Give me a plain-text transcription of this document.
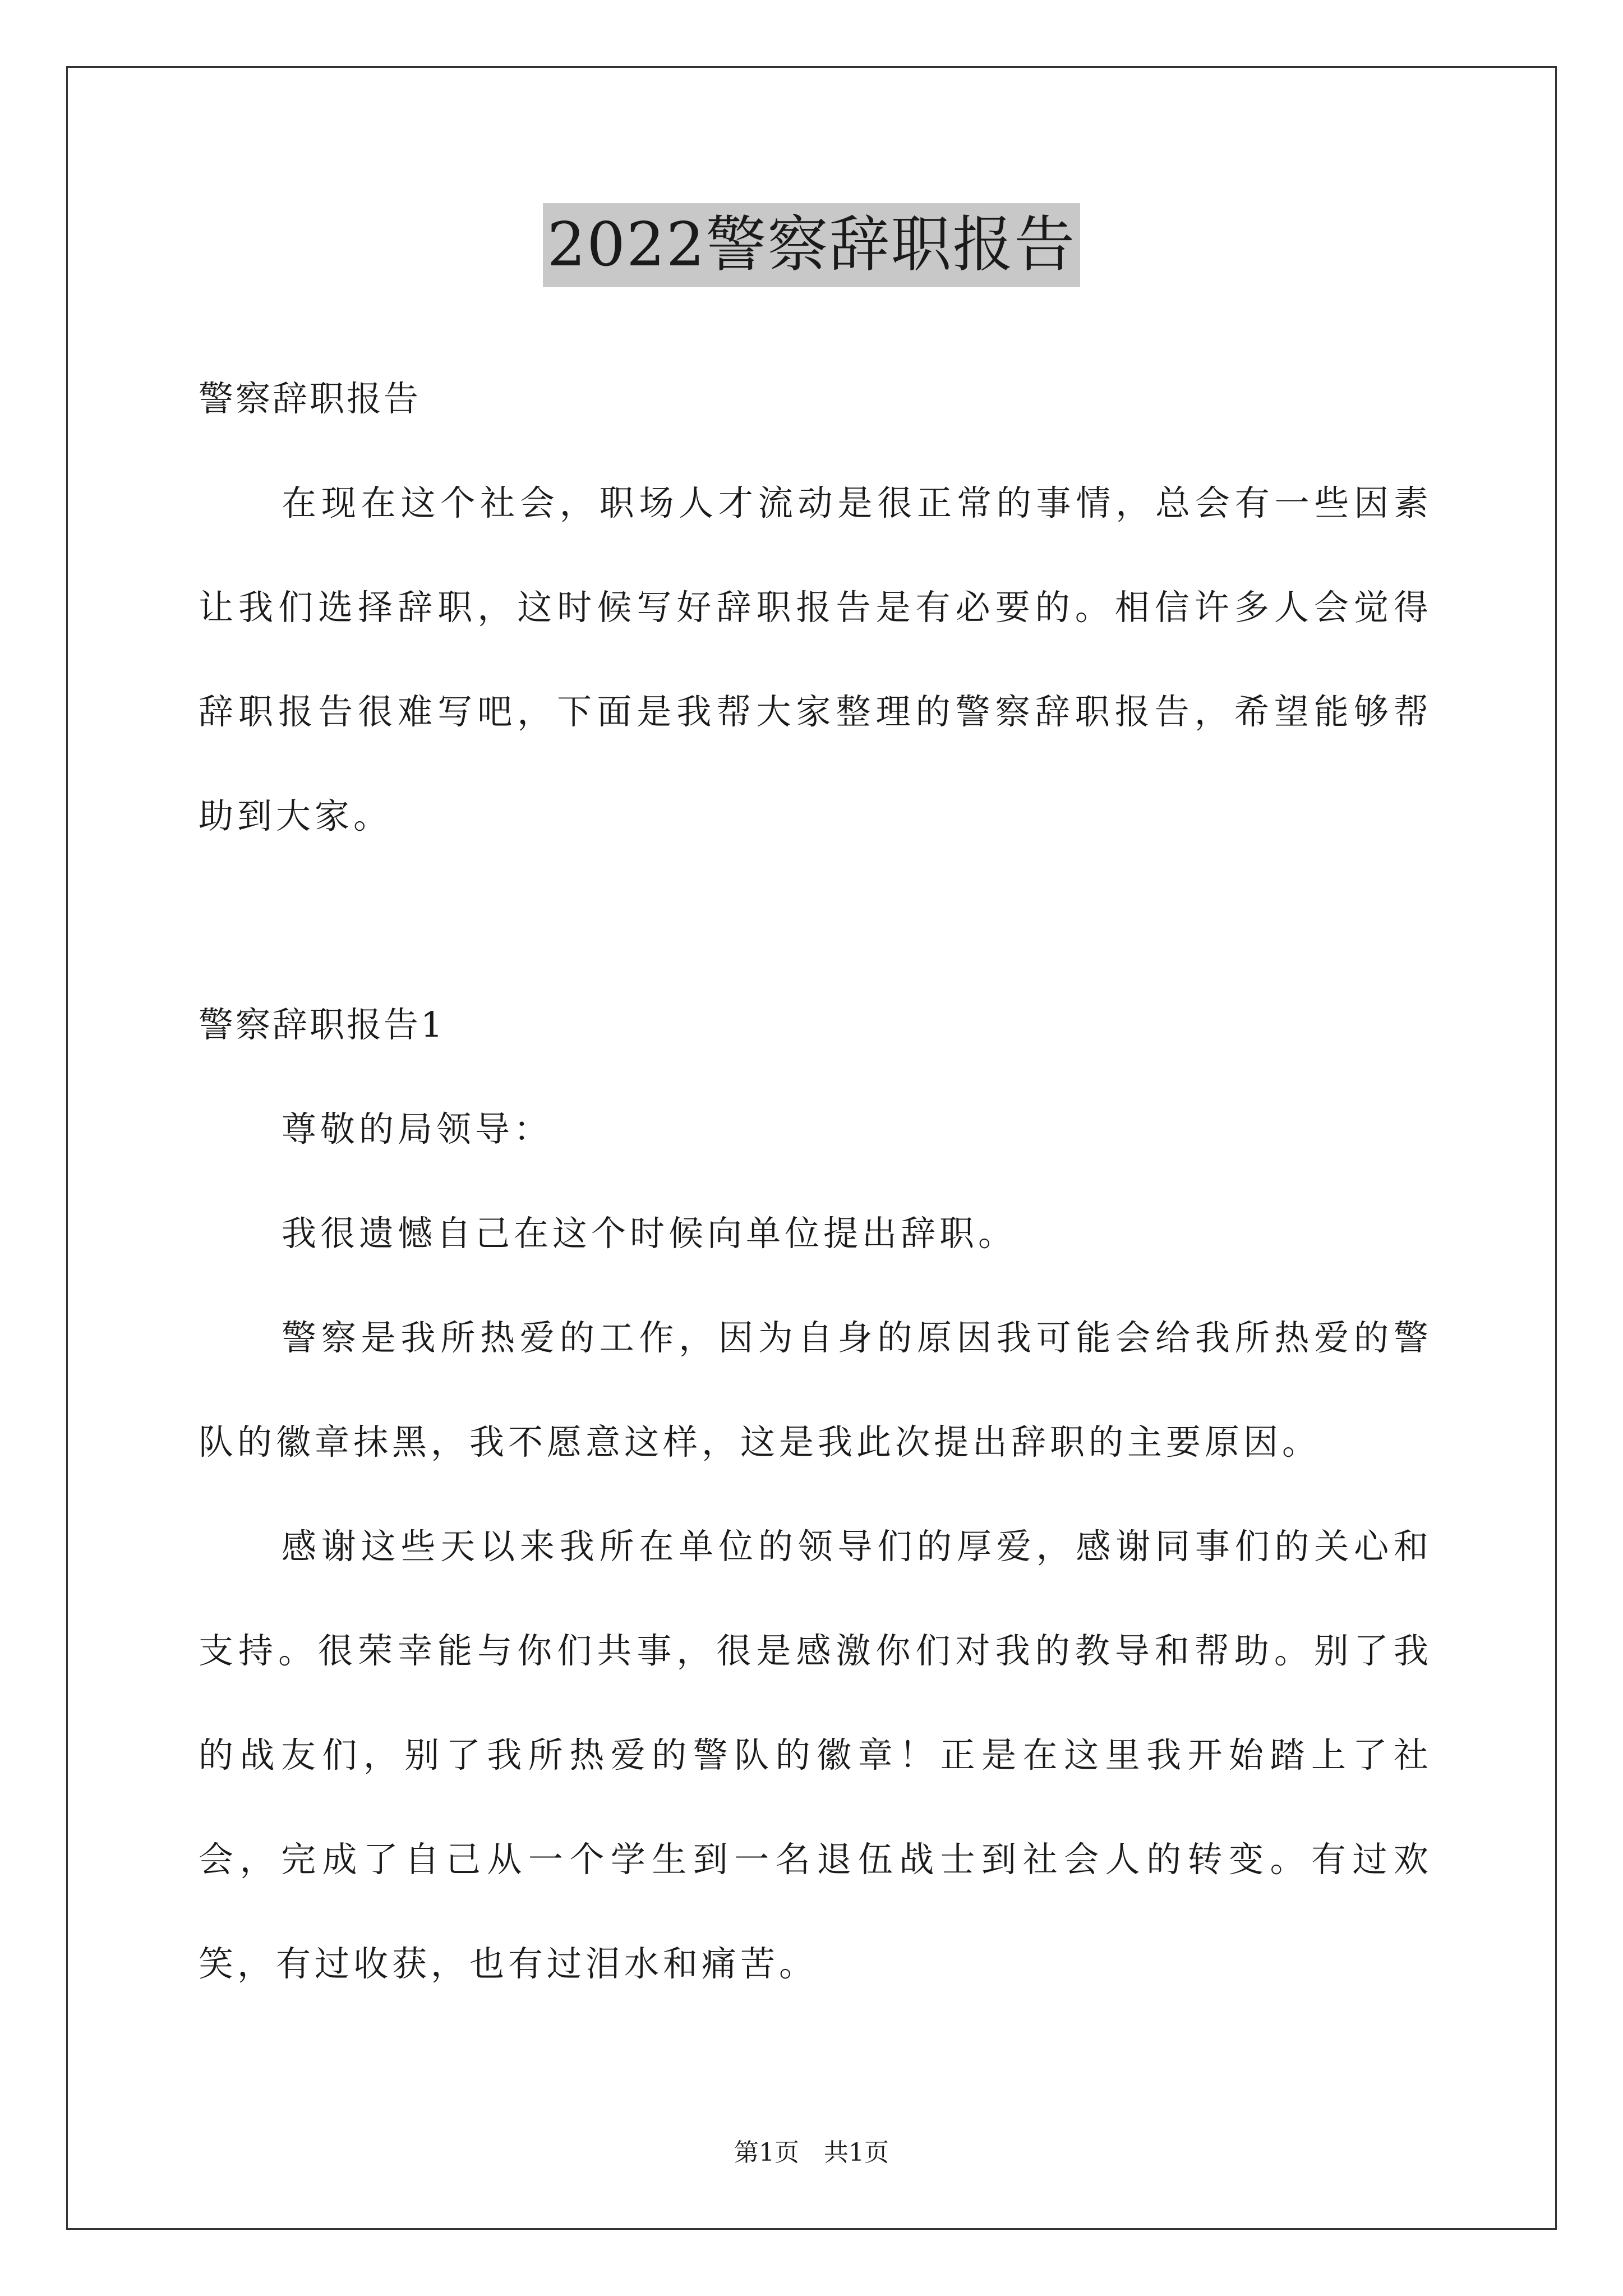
2022警察辞职报告

警察辞职报告

在现在这个社会，职场人才流动是很正常的事情，总会有一些因素让我们选择辞职，这时候写好辞职报告是有必要的。相信许多人会觉得辞职报告很难写吧，下面是我帮大家整理的警察辞职报告，希望能够帮助到大家。

警察辞职报告1

尊敬的局领导：

我很遗憾自己在这个时候向单位提出辞职。

警察是我所热爱的工作，因为自身的原因我可能会给我所热爱的警队的徽章抹黑，我不愿意这样，这是我此次提出辞职的主要原因。

感谢这些天以来我所在单位的领导们的厚爱，感谢同事们的关心和支持。很荣幸能与你们共事，很是感激你们对我的教导和帮助。别了我的战友们，别了我所热爱的警队的徽章！正是在这里我开始踏上了社会，完成了自己从一个学生到一名退伍战士到社会人的转变。有过欢笑，有过收获，也有过泪水和痛苦。

第1页　共1页
